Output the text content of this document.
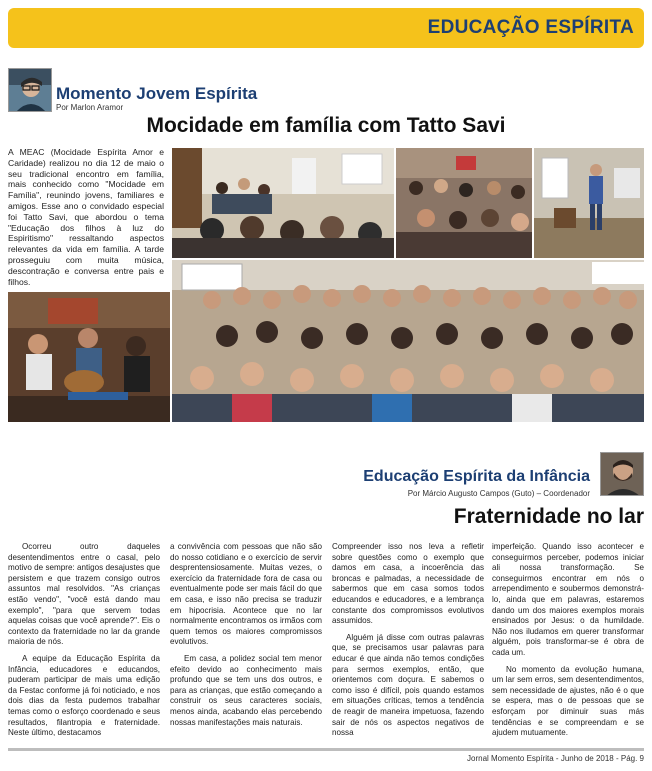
EDUCAÇÃO ESPÍRITA
Momento Jovem Espírita
Por Marlon Aramor
Mocidade em família com Tatto Savi
A MEAC (Mocidade Espírita Amor e Caridade) realizou no dia 12 de maio o seu tradicional encontro em família, mais conhecido como "Mocidade em Família", reunindo jovens, familiares e amigos. Esse ano o convidado especial foi Tatto Savi, que abordou o tema "Educação dos filhos à luz do Espiritismo" ressaltando aspectos relevantes da vida em família. A tarde prosseguiu com muita música, descontração e conversa entre pais e filhos.
Educação Espírita da Infância
Por Márcio Augusto Campos (Guto) – Coordenador
Fraternidade no lar

Ocorreu outro daqueles desentendimentos entre o casal, pelo motivo de sempre: antigos desajustes que persistem e que trazem consigo outros assuntos mal resolvidos. "As crianças estão vendo", "você está dando mau exemplo", "para que servem todas aquelas coisas que você aprende?". Eis o contexto da fraternidade no lar da grande maioria de nós.

A equipe da Educação Espírita da Infância, educadores e educandos, puderam participar de mais uma edição da Festac conforme já foi noticiado, e nos dois dias da festa pudemos trabalhar temas como o esforço coordenado e seus resultados, filantropia e fraternidade. Neste último, destacamos

a convivência com pessoas que não são do nosso cotidiano e o exercício de servir desprentensiosamente. Muitas vezes, o exercício da fraternidade fora de casa ou eventualmente pode ser mais fácil do que em casa, e isso não precisa se traduzir em hipocrisia. Acontece que no lar normalmente encontramos os irmãos com quem temos os maiores compromissos evolutivos.

Em casa, a polidez social tem menor efeito devido ao conhecimento mais profundo que se tem uns dos outros, e para as crianças, que estão começando a construir os seus caracteres sociais, menos ainda, acabando elas percebendo nossas manifestações mais naturais.

Compreender isso nos leva a refletir sobre questões como o exemplo que damos em casa, a incoerência das broncas e palmadas, a necessidade de sabermos que em casa somos todos educandos e educadores, e a lembrança constante dos compromissos evolutivos assumidos.

Alguém já disse com outras palavras que, se precisamos usar palavras para educar é que ainda não temos condições para sermos exemplos, então, que orientemos com doçura. E sabemos o como isso é difícil, pois quando estamos em situações críticas, temos a tendência de reagir de maneira impetuosa, fazendo sair de nós os aspectos negativos de nossa

imperfeição. Quando isso acontecer e conseguirmos perceber, podemos iniciar ali nossa transformação. Se conseguirmos encontrar em nós o arrependimento e soubermos demonstrá-lo, ainda que em palavras, estaremos dando um dos maiores exemplos morais ensinados por Jesus: o da humildade. Não nos iludamos em querer transformar alguém, pois transformar-se é obra de cada um.

No momento da evolução humana, um lar sem erros, sem desentendimentos, sem necessidade de ajustes, não é o que se espera, mas o de pessoas que se esforçam por diminuir suas más tendências e se compreendam e se ajudem mutuamente.

Jornal Momento Espírita - Junho de 2018 - Pág. 9
